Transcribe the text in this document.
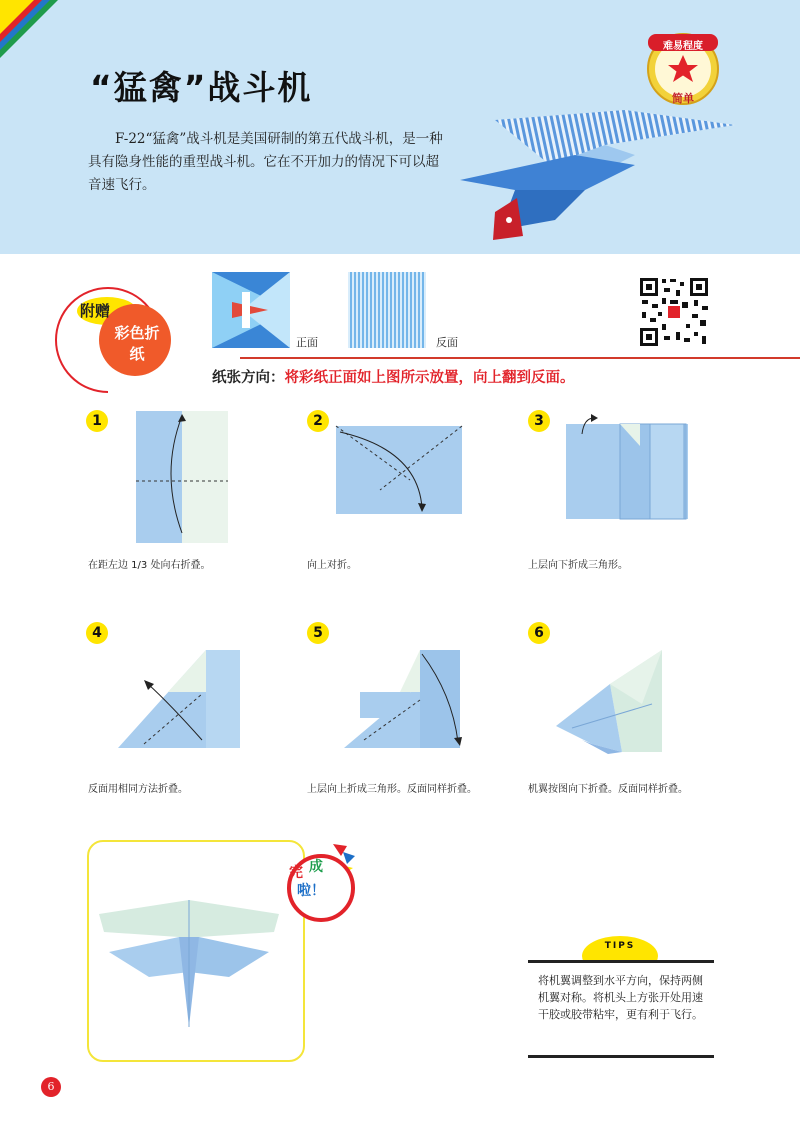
“猛禽”战斗机
F-22“猛禽”战斗机是美国研制的第五代战斗机，是一种具有隐身性能的重型战斗机。它在不开加力的情况下可以超音速飞行。
难易程度
简单
附赠
彩色折纸
正面	反面
纸张方向：将彩纸正面如上图所示放置，向上翻到反面。
1
在距左边 1/3 处向右折叠。
2
向上对折。
3
上层向下折成三角形。
4
反面用相同方法折叠。
5
上层向上折成三角形。反面同样折叠。
6
机翼按图向下折叠。反面同样折叠。
完 成
啦！
TIPS
将机翼调整到水平方向，保持两侧机翼对称。将机头上方张开处用速干胶或胶带粘牢，更有利于飞行。
6
